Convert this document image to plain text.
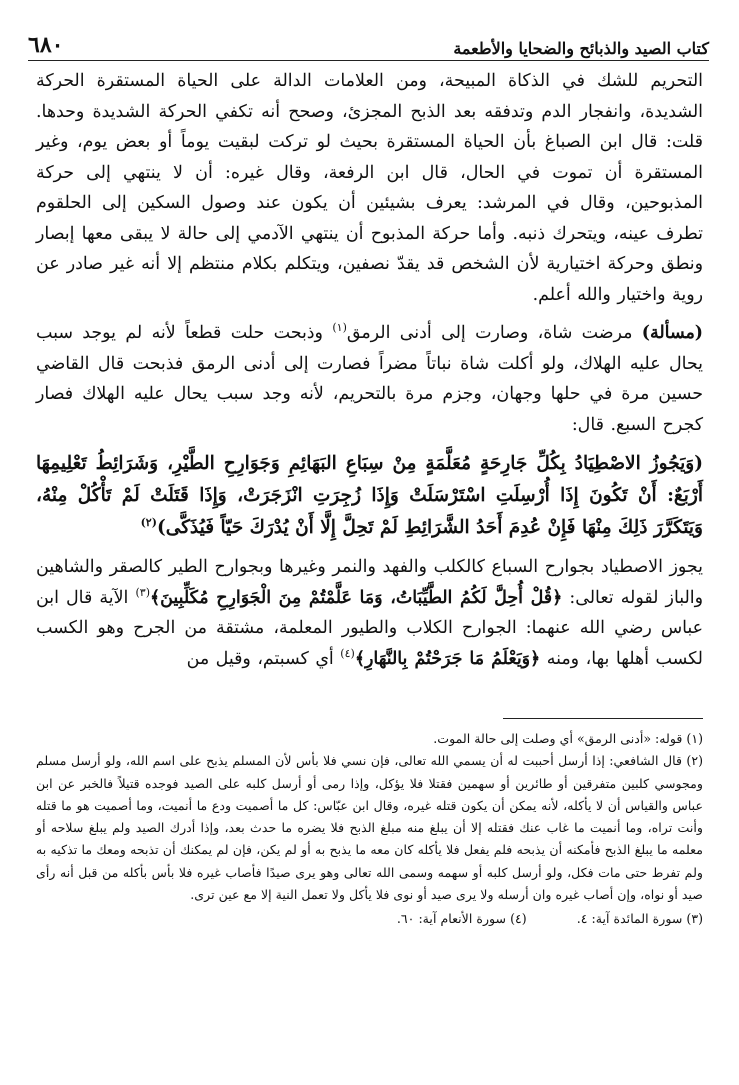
كتاب الصيد والذبائح والضحايا والأطعمة
٦٨٠

التحريم للشك في الذكاة المبيحة، ومن العلامات الدالة على الحياة المستقرة الحركة الشديدة، وانفجار الدم وتدفقه بعد الذبح المجزئ، وصحح أنه تكفي الحركة الشديدة وحدها. قلت: قال ابن الصباغ بأن الحياة المستقرة بحيث لو تركت لبقيت يوماً أو بعض يوم، وغير المستقرة أن تموت في الحال، قال ابن الرفعة، وقال غيره: أن لا ينتهي إلى حركة المذبوحين، وقال في المرشد: يعرف بشيئين أن يكون عند وصول السكين إلى الحلقوم تطرف عينه، ويتحرك ذنبه. وأما حركة المذبوح أن ينتهي الآدمي إلى حالة لا يبقى معها إبصار ونطق وحركة اختيارية لأن الشخص قد يقدّ نصفين، ويتكلم بكلام منتظم إلا أنه غير صادر عن روية واختيار والله أعلم.

(مسألة) مرضت شاة، وصارت إلى أدنى الرمق$^{(١)}$ وذبحت حلت قطعاً لأنه لم يوجد سبب يحال عليه الهلاك، ولو أكلت شاة نباتاً مضراً فصارت إلى أدنى الرمق فذبحت قال القاضي حسين مرة في حلها وجهان، وجزم مرة بالتحريم، لأنه وجد سبب يحال عليه الهلاك فصار كجرح السبع. قال:

(وَيَجُوزُ الاصْطِيَادُ بِكُلِّ جَارِحَةٍ مُعَلَّمَةٍ مِنْ سِبَاعِ البَهَائِمِ وَجَوَارِحِ الطَّيْرِ، وَشَرَائِطُ تَعْلِيمِهَا أَرْبَعٌ: أَنْ تَكُونَ إِذَا أُرْسِلَتِ اسْتَرْسَلَتْ وَإِذَا زُجِرَتِ انْزَجَرَتْ، وَإِذَا قَتَلَتْ لَمْ تَأْكُلْ مِنْهُ، وَيَتَكَرَّرَ ذَلِكَ مِنْهَا فَإِنْ عُدِمَ أَحَدُ الشَّرَائِطِ لَمْ تَحِلَّ إِلَّا أَنْ يُدْرَكَ حَيّاً فَيُذَكَّى)$^{(٢)}$

يجوز الاصطياد بجوارح السباع كالكلب والفهد والنمر وغيرها وبجوارح الطير كالصقر والشاهين والباز لقوله تعالى: ﴿قُلْ أُحِلَّ لَكُمُ الطَّيِّبَاتُ، وَمَا عَلَّمْتُمْ مِنَ الْجَوَارِحِ مُكَلِّبِينَ﴾$^{(٣)}$ الآية قال ابن عباس رضي الله عنهما: الجوارح الكلاب والطيور المعلمة، مشتقة من الجرح وهو الكسب لكسب أهلها بها، ومنه ﴿وَيَعْلَمُ مَا جَرَحْتُمْ بِالنَّهَارِ﴾$^{(٤)}$ أي كسبتم، وقيل من

(١) قوله: «أدنى الرمق» أي وصلت إلى حالة الموت.

(٢) قال الشافعي: إذا أرسل أحببت له أن يسمي الله تعالى، فإن نسي فلا بأس لأن المسلم يذبح على اسم الله، ولو أرسل مسلم ومجوسي كلبين متفرقين أو طائرين أو سهمين فقتلا فلا يؤكل، وإذا رمى أو أرسل كلبه على الصيد فوجده قتيلاً فالخبر عن ابن عباس والقياس أن لا يأكله، لأنه يمكن أن يكون قتله غيره، وقال ابن عبّاس: كل ما أصميت ودع ما أنميت، وما أصميت هو ما قتله وأنت تراه، وما أنميت ما غاب عنك فقتله إلا أن يبلغ منه مبلغ الذبح فلا يضره ما حدث بعد، وإذا أدرك الصيد ولم يبلغ سلاحه أو معلمه ما يبلغ الذبح فأمكنه أن يذبحه فلم يفعل فلا يأكله كان معه ما يذبح به أو لم يكن، فإن لم يمكنك أن تذبحه ومعك ما تذكيه به ولم تفرط حتى مات فكل، ولو أرسل كلبه أو سهمه وسمى الله تعالى وهو يرى صيدًا فأصاب غيره فلا بأس بأكله من قبل أنه رأى صيد أو نواه، وإن أصاب غيره وان أرسله ولا يرى صيد أو نوى فلا يأكل ولا تعمل النية إلا مع عين ترى.

(٣) سورة المائدة آية: ٤.
(٤) سورة الأنعام آية: ٦٠.
